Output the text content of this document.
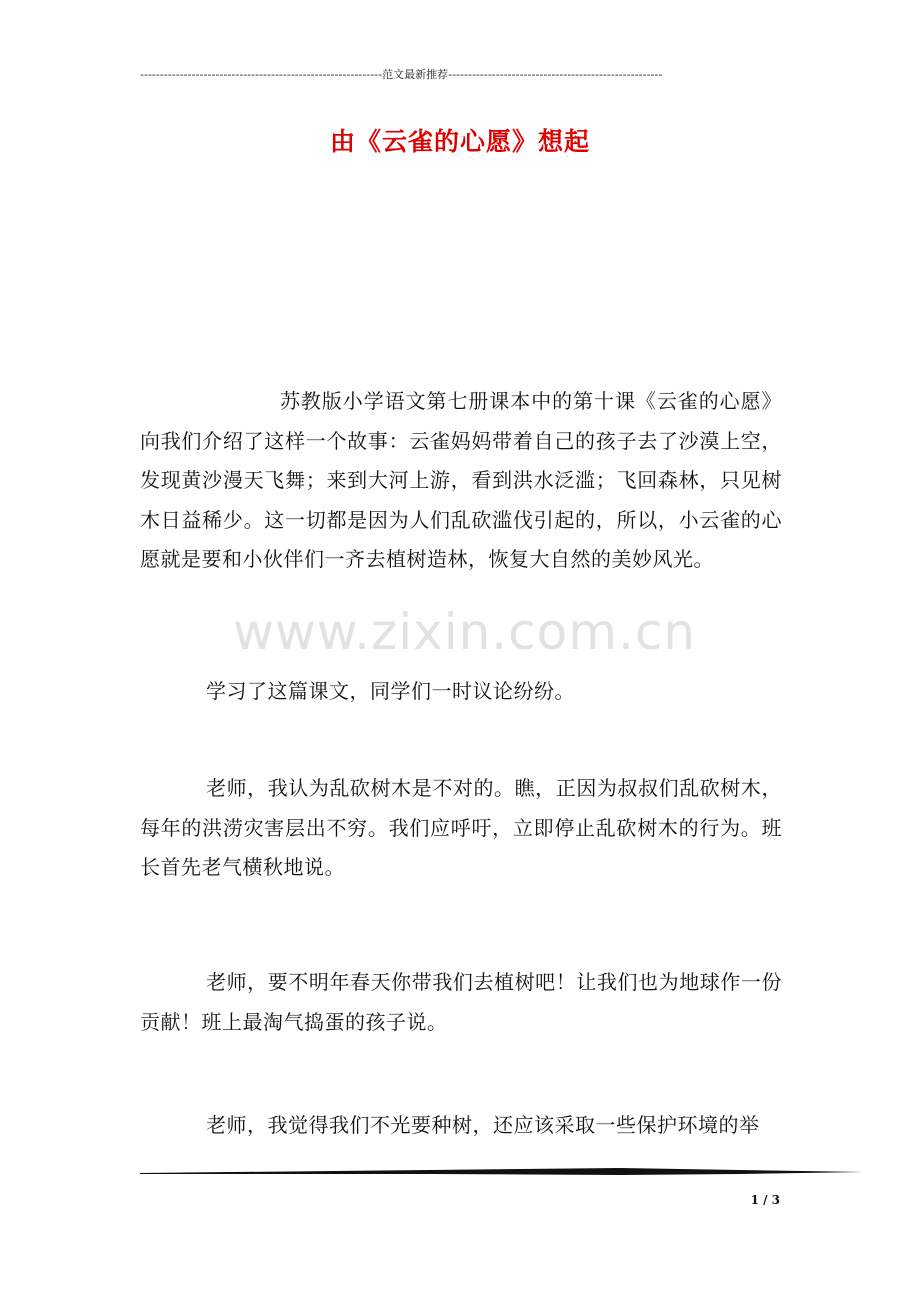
-------------------------------------------------------------范文最新推荐------------------------------------------------------
由《云雀的心愿》想起
www.zixin.com.cn

苏教版小学语文第七册课本中的第十课《云雀的心愿》向我们介绍了这样一个故事：云雀妈妈带着自己的孩子去了沙漠上空，发现黄沙漫天飞舞；来到大河上游，看到洪水泛滥；飞回森林，只见树木日益稀少。这一切都是因为人们乱砍滥伐引起的，所以，小云雀的心愿就是要和小伙伴们一齐去植树造林，恢复大自然的美妙风光。

学习了这篇课文，同学们一时议论纷纷。

老师，我认为乱砍树木是不对的。瞧，正因为叔叔们乱砍树木，每年的洪涝灾害层出不穷。我们应呼吁，立即停止乱砍树木的行为。班长首先老气横秋地说。

老师，要不明年春天你带我们去植树吧！让我们也为地球作一份贡献！班上最淘气捣蛋的孩子说。

老师，我觉得我们不光要种树，还应该采取一些保护环境的举

1 / 3
